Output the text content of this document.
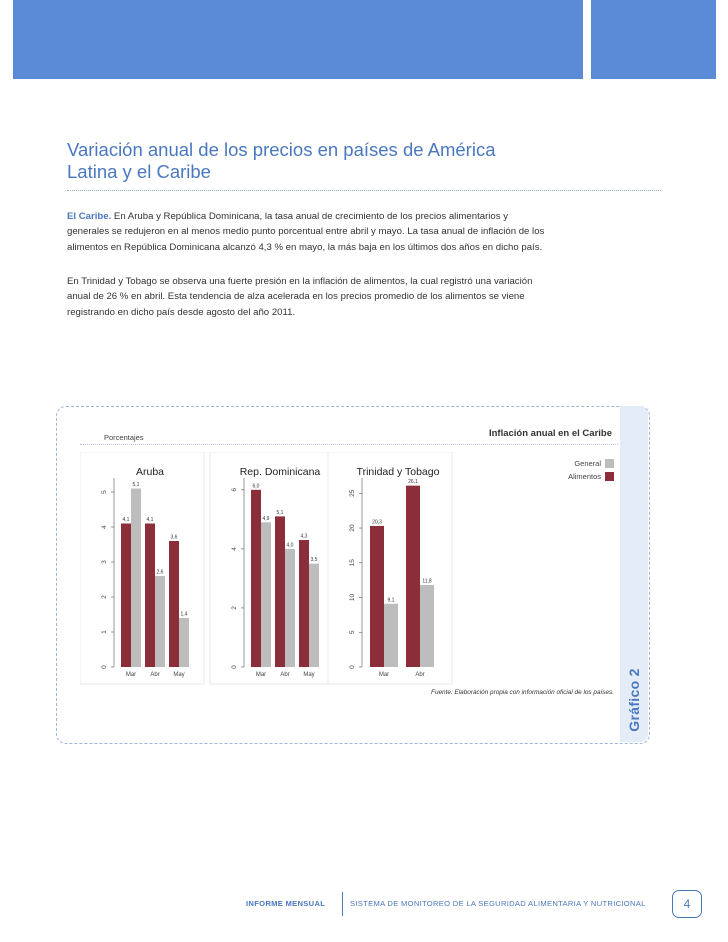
Variación anual de los precios en países de América Latina y el Caribe

El Caribe. En Aruba y República Dominicana, la tasa anual de crecimiento de los precios alimentarios y generales se redujeron en al menos medio punto porcentual entre abril y mayo. La tasa anual de inflación de los alimentos en República Dominicana alcanzó 4,3 % en mayo, la más baja en los últimos dos años en dicho país.

En Trinidad y Tobago se observa una fuerte presión en la inflación de alimentos, la cual registró una variación anual de 26 % en abril. Esta tendencia de alza acelerada en los precios promedio de los alimentos se viene registrando en dicho país desde agosto del año 2011.

Gráfico 2
Inflación anual en el Caribe
Porcentajes
General
Alimentos
Aruba
0
1
2
3
4
5
Mar
4,1
5,1
Abr
4,1
2,6
May
3,6
1,4
Rep. Dominicana
0
2
4
6
Mar
6,0
4,9
Abr
5,1
4,0
May
4,3
3,5
Trinidad y Tobago
0
5
10
15
20
25
Mar
20,3
9,1
Abr
26,1
11,8
Fuente: Elaboración propia con información oficial de los países.
INFORME MENSUAL	SISTEMA DE MONITOREO DE LA SEGURIDAD ALIMENTARIA Y NUTRICIONAL	4
